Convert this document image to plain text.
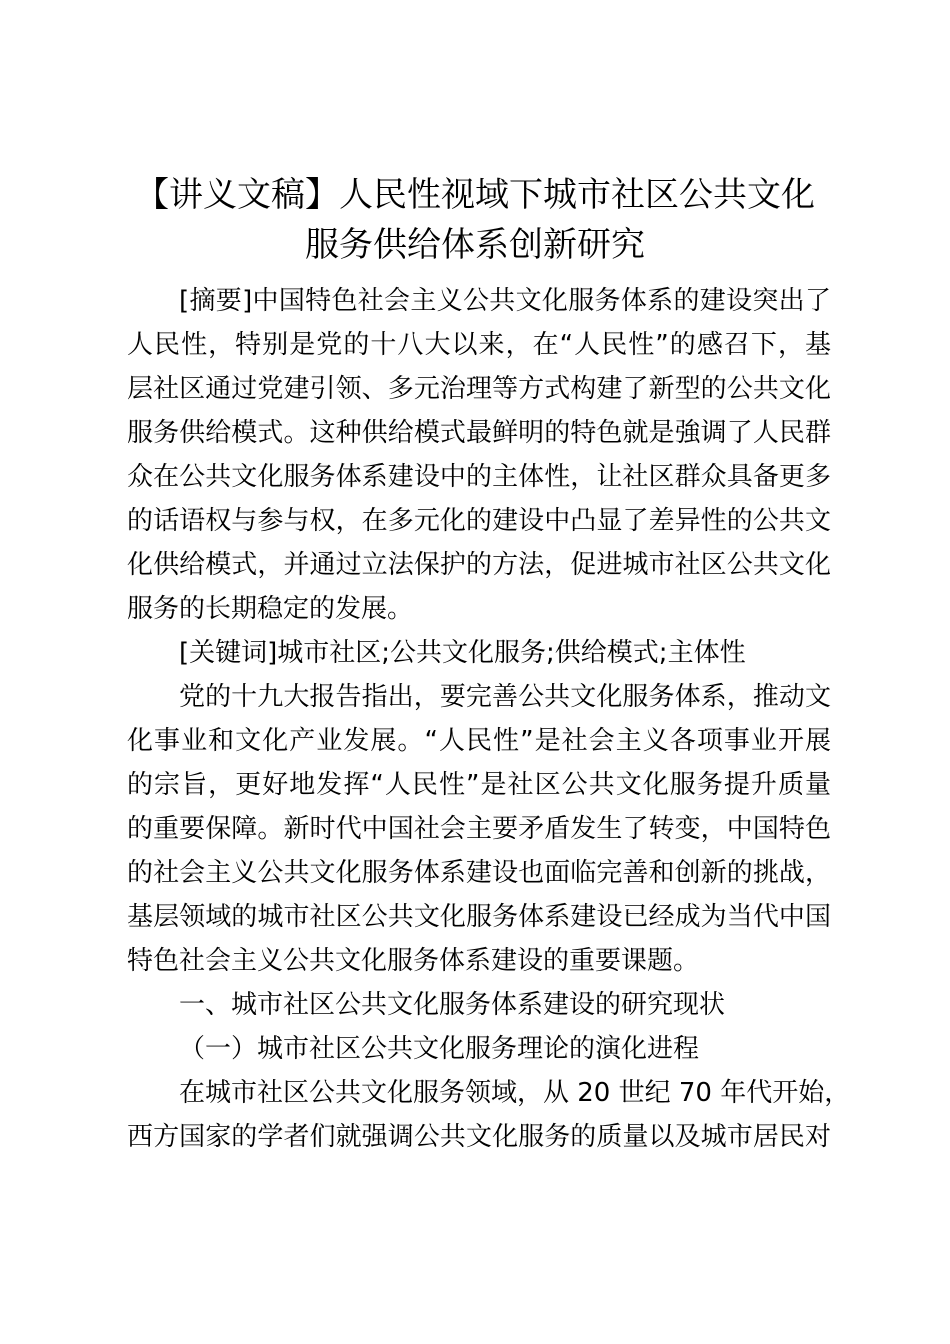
【讲义文稿】人民性视域下城市社区公共文化
服务供给体系创新研究
[摘要]中国特色社会主义公共文化服务体系的建设突出了
人民性，特别是党的十八大以来，在“人民性”的感召下，基
层社区通过党建引领、多元治理等方式构建了新型的公共文化
服务供给模式。这种供给模式最鲜明的特色就是強调了人民群
众在公共文化服务体系建设中的主体性，让社区群众具备更多
的话语权与参与权，在多元化的建设中凸显了差异性的公共文
化供给模式，并通过立法保护的方法，促进城市社区公共文化
服务的长期稳定的发展。
[关键词]城市社区;公共文化服务;供给模式;主体性
党的十九大报告指出，要完善公共文化服务体系，推动文
化事业和文化产业发展。“人民性”是社会主义各项事业开展
的宗旨，更好地发挥“人民性”是社区公共文化服务提升质量
的重要保障。新时代中国社会主要矛盾发生了转变，中国特色
的社会主义公共文化服务体系建设也面临完善和创新的挑战，
基层领域的城市社区公共文化服务体系建设已经成为当代中国
特色社会主义公共文化服务体系建设的重要课题。
一、城市社区公共文化服务体系建设的研究现状
（一）城市社区公共文化服务理论的演化进程
在城市社区公共文化服务领域，从 20 世纪 70 年代开始，
西方国家的学者们就强调公共文化服务的质量以及城市居民对
